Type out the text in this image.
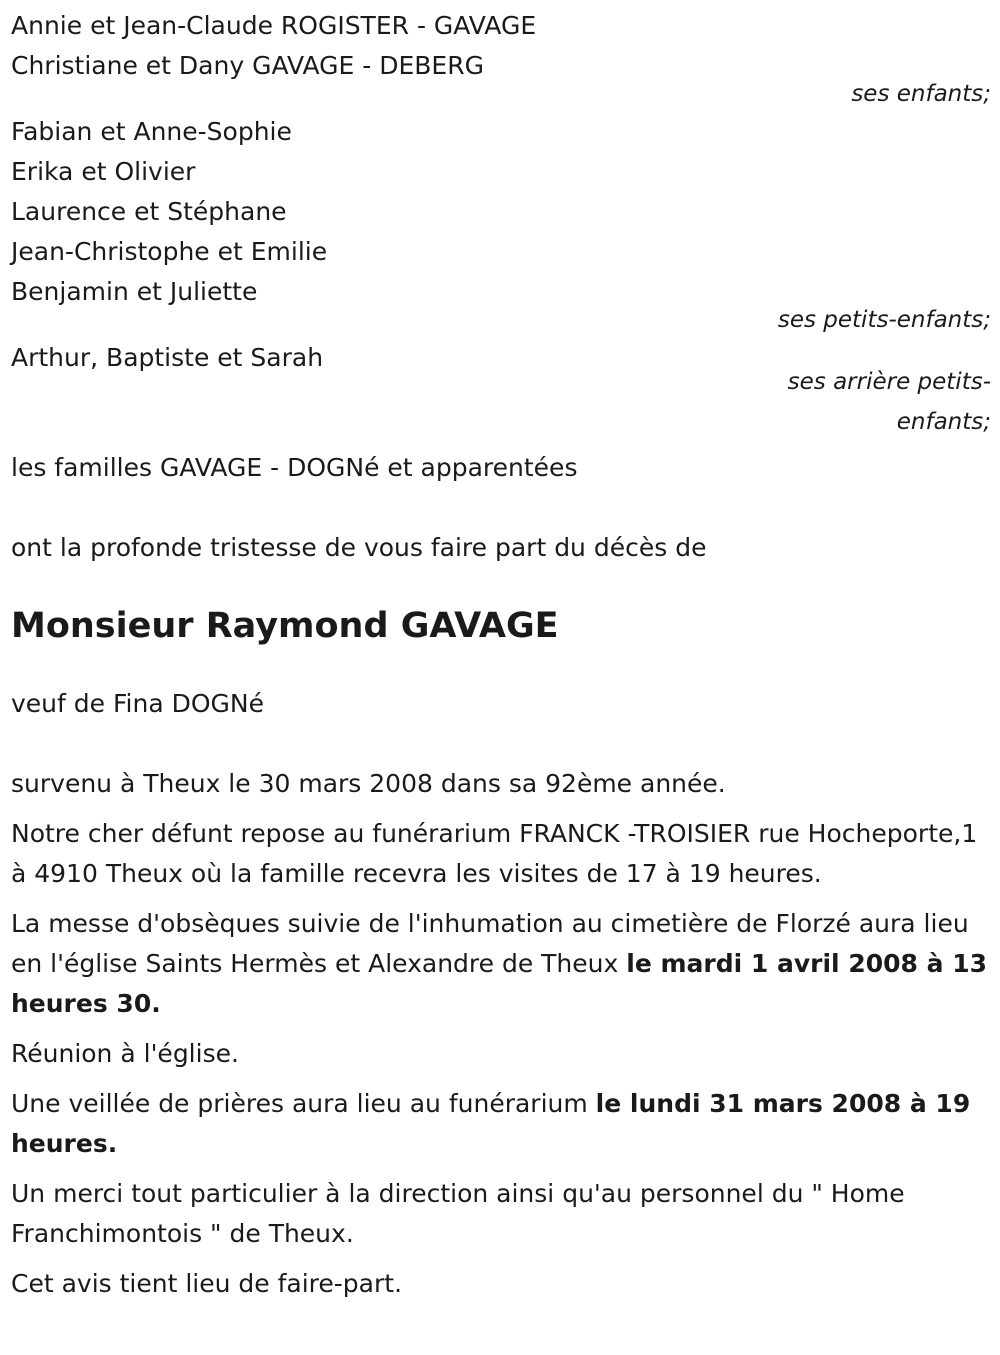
Annie et Jean-Claude ROGISTER - GAVAGE
Christiane et Dany GAVAGE - DEBERG
ses enfants;
Fabian et Anne-Sophie
Erika et Olivier
Laurence et Stéphane
Jean-Christophe et Emilie
Benjamin et Juliette
ses petits-enfants;
Arthur, Baptiste et Sarah
ses arrière petits-
enfants;
les familles GAVAGE - DOGNé et apparentées
ont la profonde tristesse de vous faire part du décès de
Monsieur Raymond GAVAGE
veuf de Fina DOGNé
survenu à Theux le 30 mars 2008 dans sa 92ème année.
Notre cher défunt repose au funérarium FRANCK -TROISIER rue Hocheporte,1 à 4910 Theux où la famille recevra les visites de 17 à 19 heures.
La messe d'obsèques suivie de l'inhumation au cimetière de Florzé aura lieu en l'église Saints Hermès et Alexandre de Theux le mardi 1 avril 2008 à 13 heures 30.
Réunion à l'église.
Une veillée de prières aura lieu au funérarium le lundi 31 mars 2008 à 19 heures.
Un merci tout particulier à la direction ainsi qu'au personnel du " Home Franchimontois " de Theux.
Cet avis tient lieu de faire-part.
